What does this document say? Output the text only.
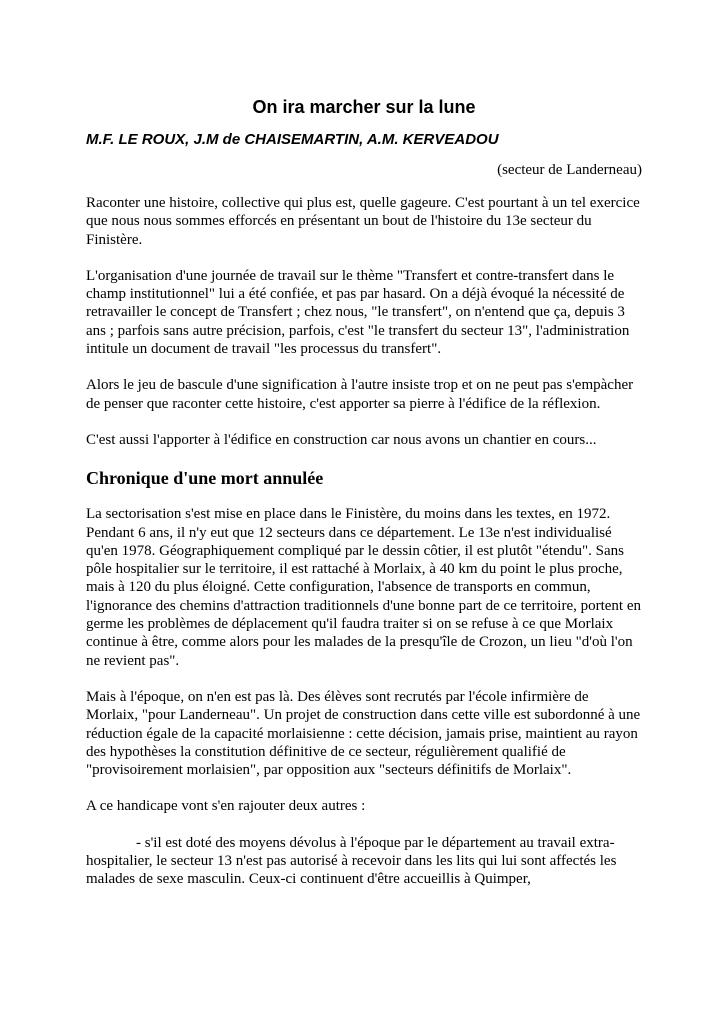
On ira marcher sur la lune
M.F. LE ROUX, J.M de CHAISEMARTIN, A.M. KERVEADOU
(secteur de Landerneau)

Raconter une histoire, collective qui plus est, quelle gageure. C'est pourtant à un tel exercice que nous nous sommes efforcés en présentant un bout de l'histoire du 13e secteur du Finistère.

L'organisation d'une journée de travail sur le thème "Transfert et contre-transfert dans le champ institutionnel" lui a été confiée, et pas par hasard. On a déjà évoqué la nécessité de retravailler le concept de Transfert ; chez nous, "le transfert", on n'entend que ça, depuis 3 ans ; parfois sans autre précision, parfois, c'est "le transfert du secteur 13", l'administration intitule un document de travail "les processus du transfert".

Alors le jeu de bascule d'une signification à l'autre insiste trop et on ne peut pas s'empàcher de penser que raconter cette histoire, c'est apporter sa pierre à l'édifice de la réflexion.

C'est aussi l'apporter à l'édifice en construction car nous avons un chantier en cours...

Chronique d'une mort annulée

La sectorisation s'est mise en place dans le Finistère, du moins dans les textes, en 1972. Pendant 6 ans, il n'y eut que 12 secteurs dans ce département. Le 13e n'est individualisé qu'en 1978. Géographiquement compliqué par le dessin côtier, il est plutôt "étendu". Sans pôle hospitalier sur le territoire, il est rattaché à Morlaix, à 40 km du point le plus proche, mais à 120 du plus éloigné. Cette configuration, l'absence de transports en commun, l'ignorance des chemins d'attraction traditionnels d'une bonne part de ce territoire, portent en germe les problèmes de déplacement qu'il faudra traiter si on se refuse à ce que Morlaix continue à être, comme alors pour les malades de la presqu'île de Crozon, un lieu "d'où l'on ne revient pas".

Mais à l'époque, on n'en est pas là. Des élèves sont recrutés par l'école infirmière de Morlaix, "pour Landerneau". Un projet de construction dans cette ville est subordonné à une réduction égale de la capacité morlaisienne : cette décision, jamais prise, maintient au rayon des hypothèses la constitution définitive de ce secteur, régulièrement qualifié de "provisoirement morlaisien", par opposition aux "secteurs définitifs de Morlaix".

A ce handicape vont s'en rajouter deux autres :

- s'il est doté des moyens dévolus à l'époque par le département au travail extra-hospitalier, le secteur 13 n'est pas autorisé à recevoir dans les lits qui lui sont affectés les malades de sexe masculin. Ceux-ci continuent d'être accueillis à Quimper,
